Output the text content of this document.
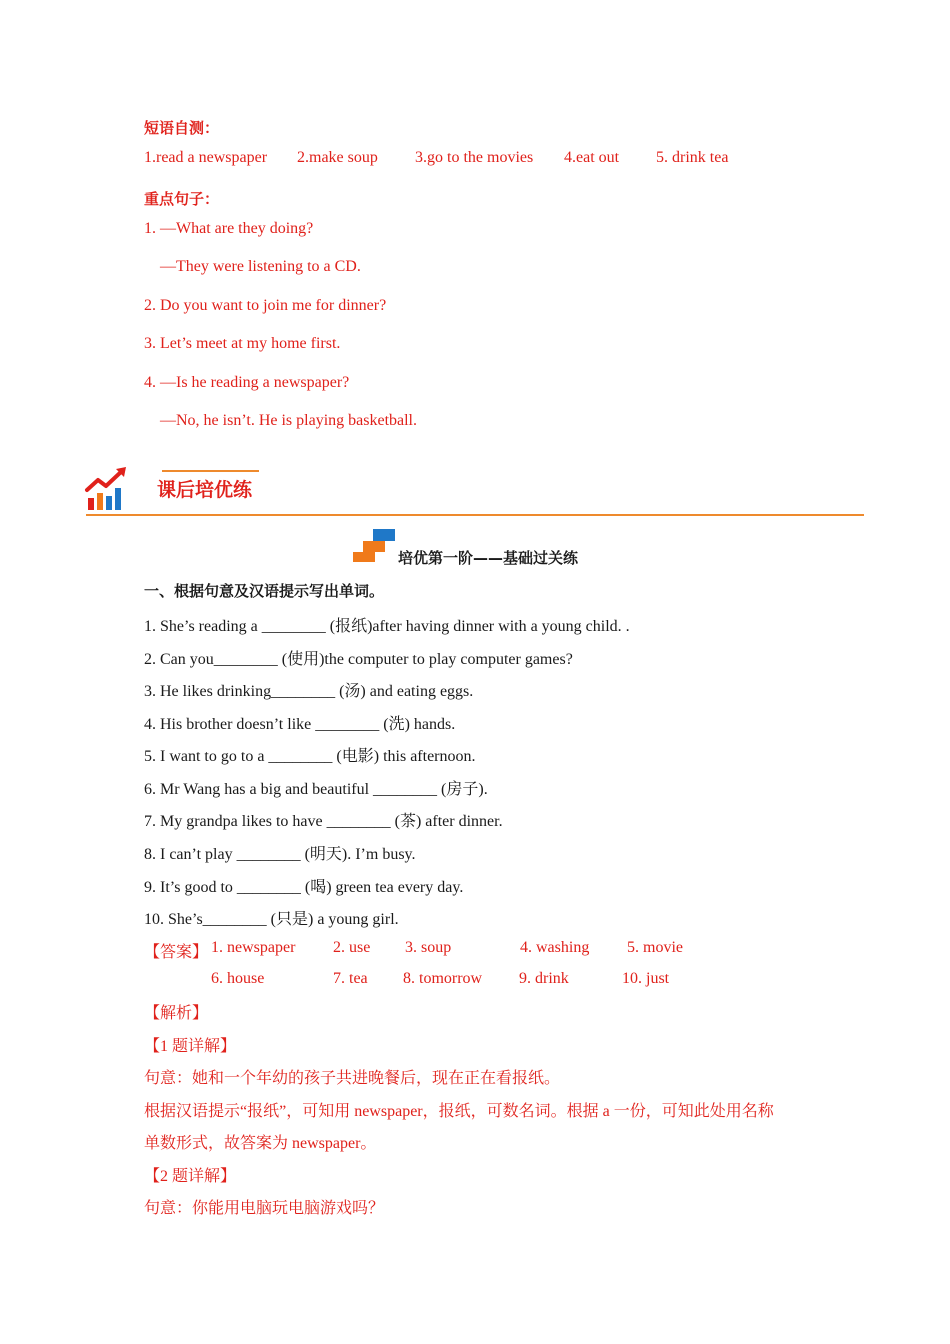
短语自测：
1.read a newspaper 2.make soup 3.go to the movies 4.eat out 5. drink tea
重点句子：
1. —What are they doing?
—They were listening to a CD.
2. Do you want to join me for dinner?
3. Let’s meet at my home first.
4. —Is he reading a newspaper?
—No, he isn’t. He is playing basketball.
课后培优练
培优第一阶——基础过关练
一、根据句意及汉语提示写出单词。
1. She’s reading a ________ (报纸)after having dinner with a young child. .
2. Can you________ (使用)the computer to play computer games?
3. He likes drinking________ (汤) and eating eggs.
4. His brother doesn’t like ________ (洗) hands.
5. I want to go to a ________ (电影) this afternoon.
6. Mr Wang has a big and beautiful ________ (房子).
7. My grandpa likes to have ________ (茶) after dinner.
8. I can’t play ________ (明天). I’m busy.
9. It’s good to ________ (喝) green tea every day.
10. She’s________ (只是) a young girl.
【答案】 1. newspaper 2. use 3. soup	4. washing 5. movie
6. house	7. tea 8. tomorrow 9. drink	10. just
【解析】
【1 题详解】
句意：她和一个年幼的孩子共进晚餐后，现在正在看报纸。
根据汉语提示“报纸”，可知用 newspaper，报纸，可数名词。根据 a 一份，可知此处用名称
单数形式，故答案为 newspaper。
【2 题详解】
句意：你能用电脑玩电脑游戏吗？
